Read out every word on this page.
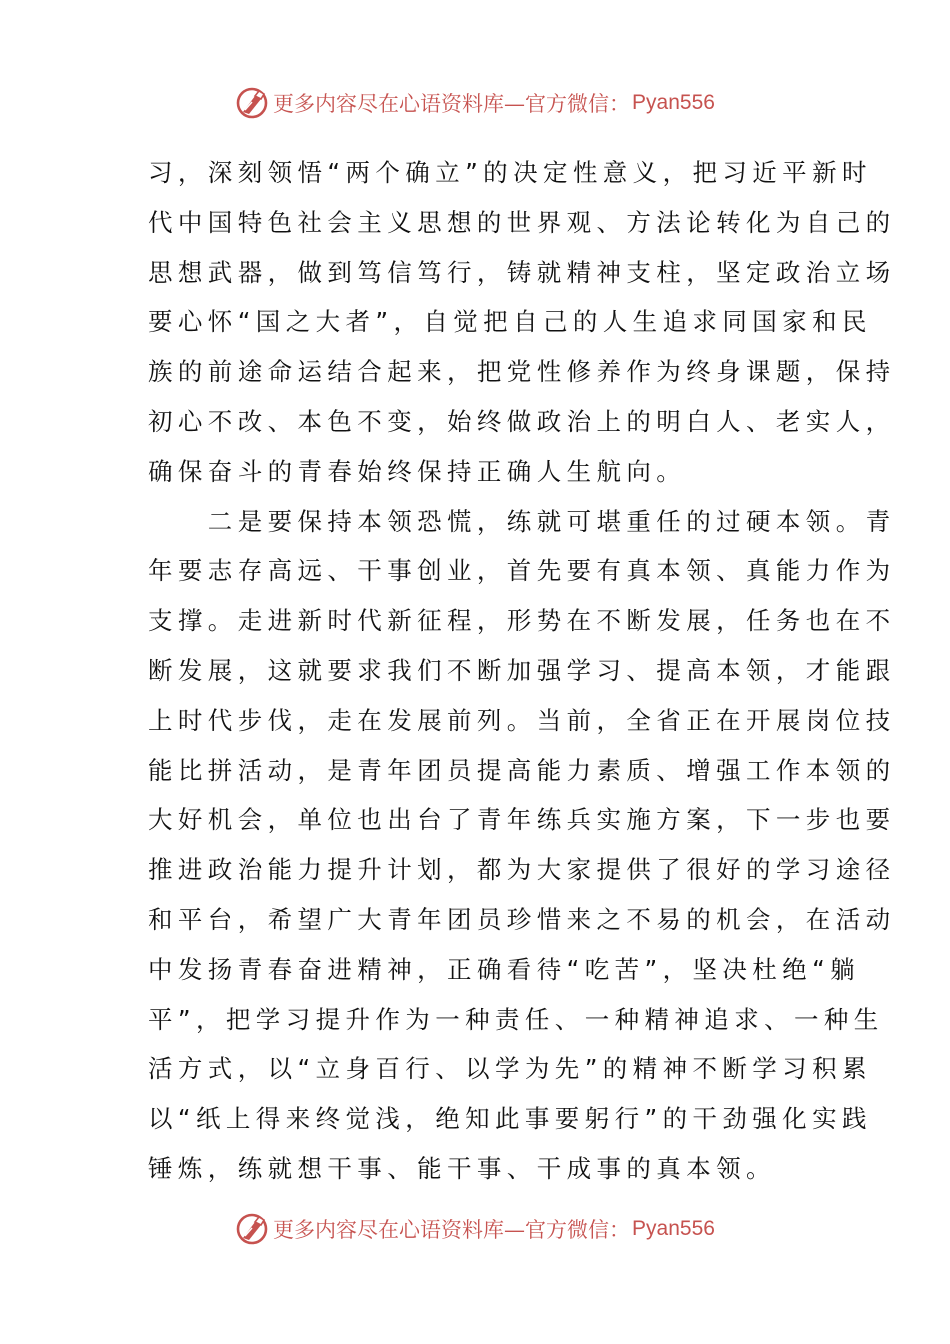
更多内容尽在心语资料库—官方微信： Pyan556
习，深刻领悟“两个确立”的决定性意义，把习近平新时
代中国特色社会主义思想的世界观、方法论转化为自己的
思想武器，做到笃信笃行，铸就精神支柱，坚定政治立场
要心怀“国之大者”，自觉把自己的人生追求同国家和民
族的前途命运结合起来，把党性修养作为终身课题，保持
初心不改、本色不变，始终做政治上的明白人、老实人，
确保奋斗的青春始终保持正确人生航向。
　　二是要保持本领恐慌，练就可堪重任的过硬本领。青
年要志存高远、干事创业，首先要有真本领、真能力作为
支撑。走进新时代新征程，形势在不断发展，任务也在不
断发展，这就要求我们不断加强学习、提高本领，才能跟
上时代步伐，走在发展前列。当前，全省正在开展岗位技
能比拼活动，是青年团员提高能力素质、增强工作本领的
大好机会，单位也出台了青年练兵实施方案，下一步也要
推进政治能力提升计划，都为大家提供了很好的学习途径
和平台，希望广大青年团员珍惜来之不易的机会，在活动
中发扬青春奋进精神，正确看待“吃苦”，坚决杜绝“躺
平”，把学习提升作为一种责任、一种精神追求、一种生
活方式，以“立身百行、以学为先”的精神不断学习积累
以“纸上得来终觉浅，绝知此事要躬行”的干劲强化实践
锤炼，练就想干事、能干事、干成事的真本领。
更多内容尽在心语资料库—官方微信： Pyan556
